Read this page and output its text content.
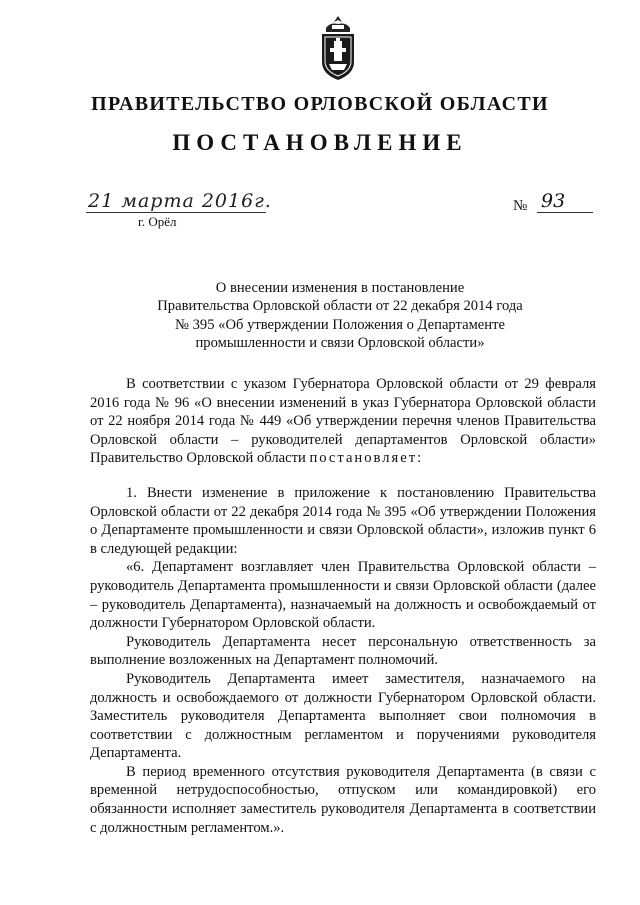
ПРАВИТЕЛЬСТВО ОРЛОВСКОЙ ОБЛАСТИ
ПОСТАНОВЛЕНИЕ
21 марта 2016г.
г. Орёл
№ 93
О внесении изменения в постановление
Правительства Орловской области от 22 декабря 2014 года
№ 395 «Об утверждении Положения о Департаменте
промышленности и связи Орловской области»

В соответствии с указом Губернатора Орловской области от 29 февраля 2016 года № 96 «О внесении изменений в указ Губернатора Орловской области от 22 ноября 2014 года № 449 «Об утверждении перечня членов Правительства Орловской области – руководителей департаментов Орловской области» Правительство Орловской области постановляет:

1. Внести изменение в приложение к постановлению Правительства Орловской области от 22 декабря 2014 года № 395 «Об утверждении Положения о Департаменте промышленности и связи Орловской области», изложив пункт 6 в следующей редакции:

«6. Департамент возглавляет член Правительства Орловской области – руководитель Департамента промышленности и связи Орловской области (далее – руководитель Департамента), назначаемый на должность и освобождаемый от должности Губернатором Орловской области.

Руководитель Департамента несет персональную ответственность за выполнение возложенных на Департамент полномочий.

Руководитель Департамента имеет заместителя, назначаемого на должность и освобождаемого от должности Губернатором Орловской области. Заместитель руководителя Департамента выполняет свои полномочия в соответствии с должностным регламентом и поручениями руководителя Департамента.

В период временного отсутствия руководителя Департамента (в связи с временной нетрудоспособностью, отпуском или командировкой) его обязанности исполняет заместитель руководителя Департамента в соответствии с должностным регламентом.».
